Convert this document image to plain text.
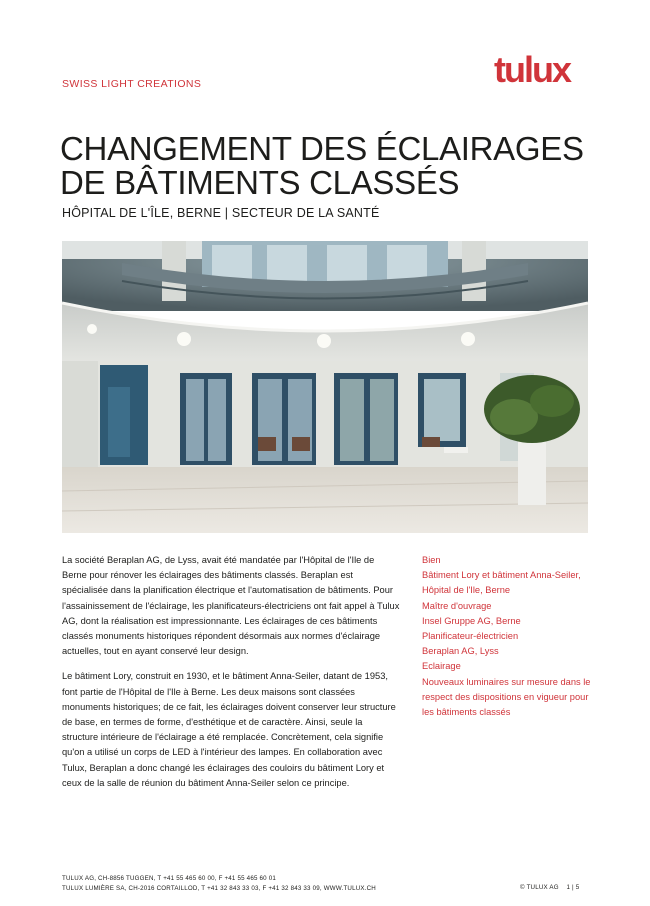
SWISS LIGHT CREATIONS	tulux
CHANGEMENT DES ÉCLAIRAGES
DE BÂTIMENTS CLASSÉS
HÔPITAL DE L'ÎLE, BERNE | SECTEUR DE LA SANTÉ

La société Beraplan AG, de Lyss, avait été mandatée par l'Hôpital de l'Ile de Berne pour rénover les éclairages des bâtiments classés. Beraplan est spécialisée dans la planification électrique et l'automatisation de bâtiments. Pour l'assainissement de l'éclairage, les planificateurs-électriciens ont fait appel à Tulux AG, dont la réalisation est impressionnante. Les éclairages de ces bâtiments classés monuments historiques répondent désormais aux normes d'éclairage actuelles, tout en ayant conservé leur design.

Le bâtiment Lory, construit en 1930, et le bâtiment Anna-Seiler, datant de 1953, font partie de l'Hôpital de l'Ile à Berne. Les deux maisons sont classées monuments historiques; de ce fait, les éclairages doivent conserver leur structure de base, en termes de forme, d'esthétique et de caractère. Ainsi, seule la structure intérieure de l'éclairage a été remplacée. Concrètement, cela signifie qu'on a utilisé un corps de LED à l'intérieur des lampes. En collaboration avec Tulux, Beraplan a donc changé les éclairages des couloirs du bâtiment Lory et ceux de la salle de réunion du bâtiment Anna-Seiler selon ce principe.

Bien
Bâtiment Lory et bâtiment Anna-Seiler, Hôpital de l'Ile, Berne
Maître d'ouvrage
Insel Gruppe AG, Berne
Planificateur-électricien
Beraplan AG, Lyss
Eclairage
Nouveaux luminaires sur mesure dans le respect des dispositions en vigueur pour les bâtiments classés
TULUX AG, CH-8856 TUGGEN, T +41 55 465 60 00, F +41 55 465 60 01
TULUX LUMIÈRE SA, CH-2016 CORTAILLOD, T +41 32 843 33 03, F +41 32 843 33 09, WWW.TULUX.CH	© TULUX AG 1 | 5
